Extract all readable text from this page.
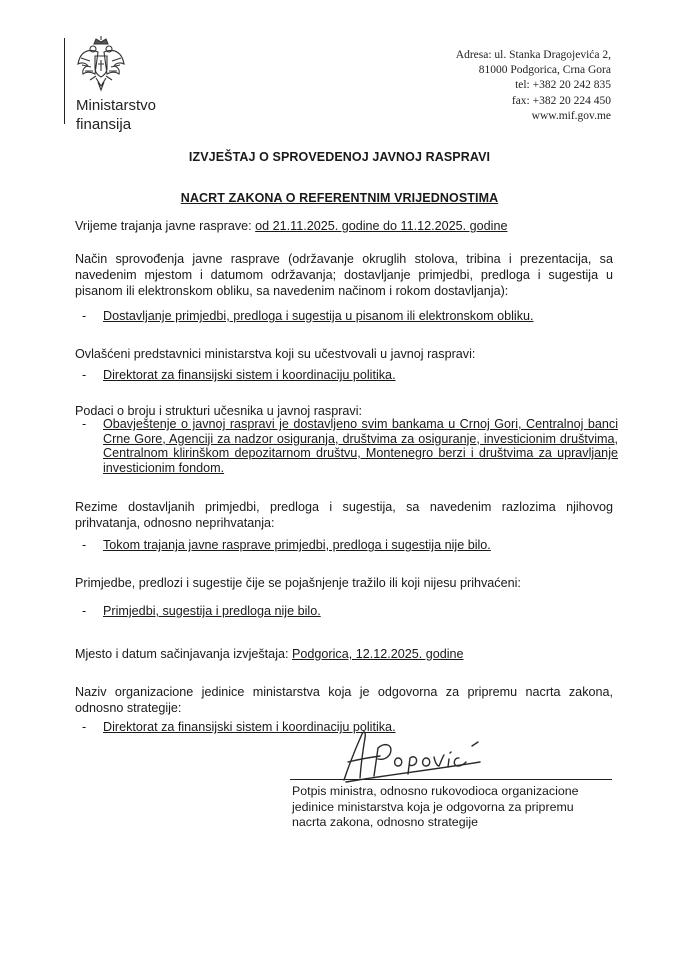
Ministarstvo
finansija
Adresa: ul. Stanka Dragojevića 2,
81000 Podgorica, Crna Gora
tel: +382 20 242 835
fax: +382 20 224 450
www.mif.gov.me
IZVJEŠTAJ O SPROVEDENOJ JAVNOJ RASPRAVI
NACRT ZAKONA O REFERENTNIM VRIJEDNOSTIMA
Vrijeme trajanja javne rasprave: od 21.11.2025. godine do 11.12.2025. godine
Način sprovođenja javne rasprave (održavanje okruglih stolova, tribina i prezentacija, sa navedenim mjestom i datumom održavanja; dostavljanje primjedbi, predloga i sugestija u pisanom ili elektronskom obliku, sa navedenim načinom i rokom dostavljanja):
- Dostavljanje primjedbi, predloga i sugestija u pisanom ili elektronskom obliku.
Ovlašćeni predstavnici ministarstva koji su učestvovali u javnoj raspravi:
- Direktorat za finansijski sistem i koordinaciju politika.
Podaci o broju i strukturi učesnika u javnoj raspravi:
- Obavještenje o javnoj raspravi je dostavljeno svim bankama u Crnoj Gori, Centralnoj banci Crne Gore, Agenciji za nadzor osiguranja, društvima za osiguranje, investicionim društvima, Centralnom klirinškom depozitarnom društvu, Montenegro berzi i društvima za upravljanje investicionim fondom.
Rezime dostavljanih primjedbi, predloga i sugestija, sa navedenim razlozima njihovog prihvatanja, odnosno neprihvatanja:
- Tokom trajanja javne rasprave primjedbi, predloga i sugestija nije bilo.
Primjedbe, predlozi i sugestije čije se pojašnjenje tražilo ili koji nijesu prihvaćeni:
- Primjedbi, sugestija i predloga nije bilo.
Mjesto i datum sačinjavanja izvještaja: Podgorica, 12.12.2025. godine
Naziv organizacione jedinice ministarstva koja je odgovorna za pripremu nacrta zakona, odnosno strategije:
- Direktorat za finansijski sistem i koordinaciju politika.
Potpis ministra, odnosno rukovodioca organizacione
jedinice ministarstva koja je odgovorna za pripremu
nacrta zakona, odnosno strategije
